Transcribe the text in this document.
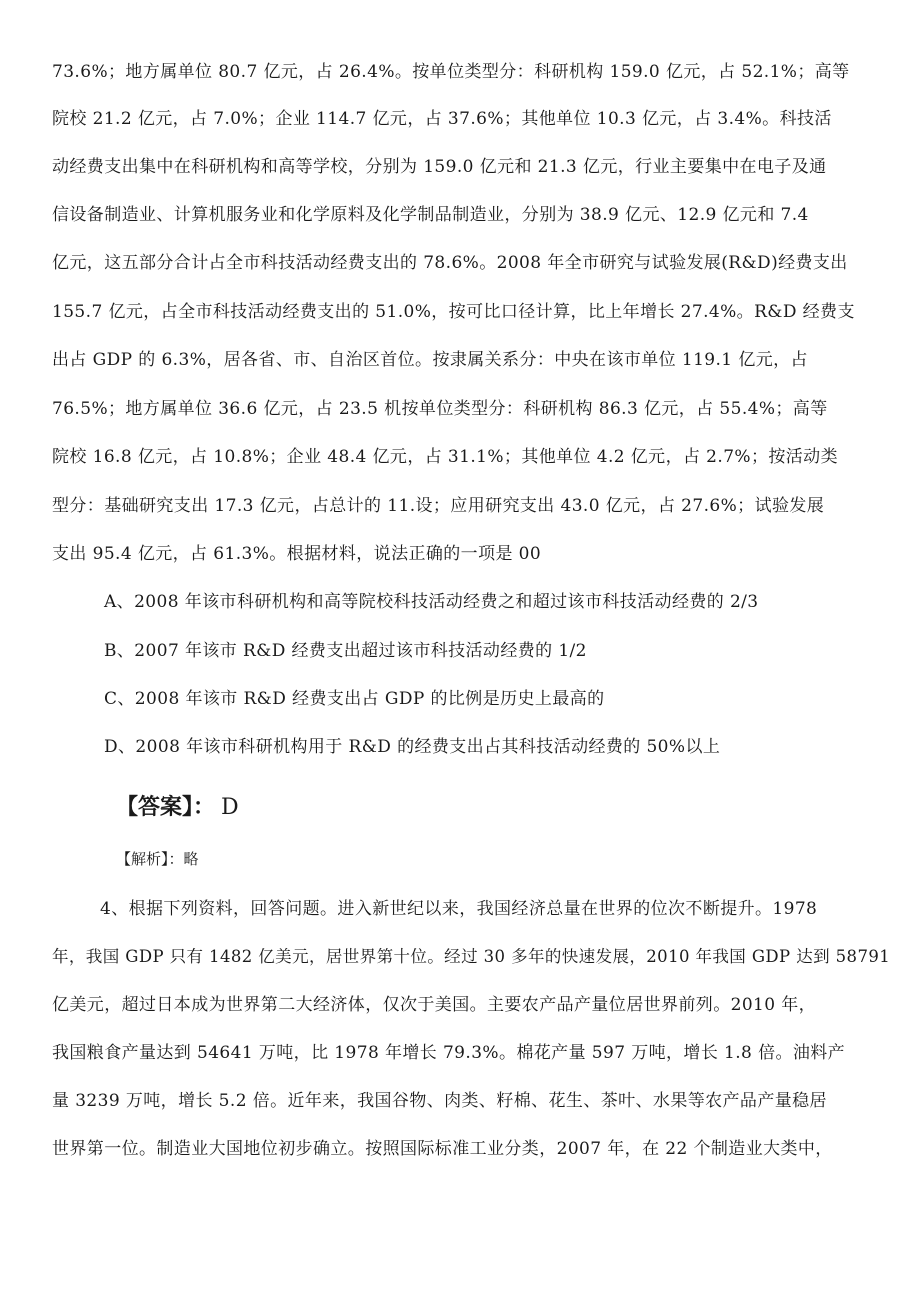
73.6%；地方属单位 80.7 亿元，占 26.4%。按单位类型分：科研机构 159.0 亿元，占 52.1%；高等
院校 21.2 亿元，占 7.0%；企业 114.7 亿元，占 37.6%；其他单位 10.3 亿元，占 3.4%。科技活
动经费支出集中在科研机构和高等学校，分别为 159.0 亿元和 21.3 亿元，行业主要集中在电子及通
信设备制造业、计算机服务业和化学原料及化学制品制造业，分别为 38.9 亿元、12.9 亿元和 7.4
亿元，这五部分合计占全市科技活动经费支出的 78.6%。2008 年全市研究与试验发展(R&D)经费支出
155.7 亿元，占全市科技活动经费支出的 51.0%，按可比口径计算，比上年增长 27.4%。R&D 经费支
出占 GDP 的 6.3%，居各省、市、自治区首位。按隶属关系分：中央在该市单位 119.1 亿元，占
76.5%；地方属单位 36.6 亿元，占 23.5 机按单位类型分：科研机构 86.3 亿元，占 55.4%；高等
院校 16.8 亿元，占 10.8%；企业 48.4 亿元，占 31.1%；其他单位 4.2 亿元，占 2.7%；按活动类
型分：基础研究支出 17.3 亿元，占总计的 11.设；应用研究支出 43.0 亿元，占 27.6%；试验发展
支出 95.4 亿元，占 61.3%。根据材料，说法正确的一项是 00
A、2008 年该市科研机构和高等院校科技活动经费之和超过该市科技活动经费的 2/3
B、2007 年该市 R&D 经费支出超过该市科技活动经费的 1/2
C、2008 年该市 R&D 经费支出占 GDP 的比例是历史上最高的
D、2008 年该市科研机构用于 R&D 的经费支出占其科技活动经费的 50%以上
【答案】： D
【解析】：略
4、根据下列资料，回答问题。进入新世纪以来，我国经济总量在世界的位次不断提升。1978
年，我国 GDP 只有 1482 亿美元，居世界第十位。经过 30 多年的快速发展，2010 年我国 GDP 达到 58791
亿美元，超过日本成为世界第二大经济体，仅次于美国。主要农产品产量位居世界前列。2010 年，
我国粮食产量达到 54641 万吨，比 1978 年增长 79.3%。棉花产量 597 万吨，增长 1.8 倍。油料产
量 3239 万吨，增长 5.2 倍。近年来，我国谷物、肉类、籽棉、花生、茶叶、水果等农产品产量稳居
世界第一位。制造业大国地位初步确立。按照国际标准工业分类，2007 年，在 22 个制造业大类中，
